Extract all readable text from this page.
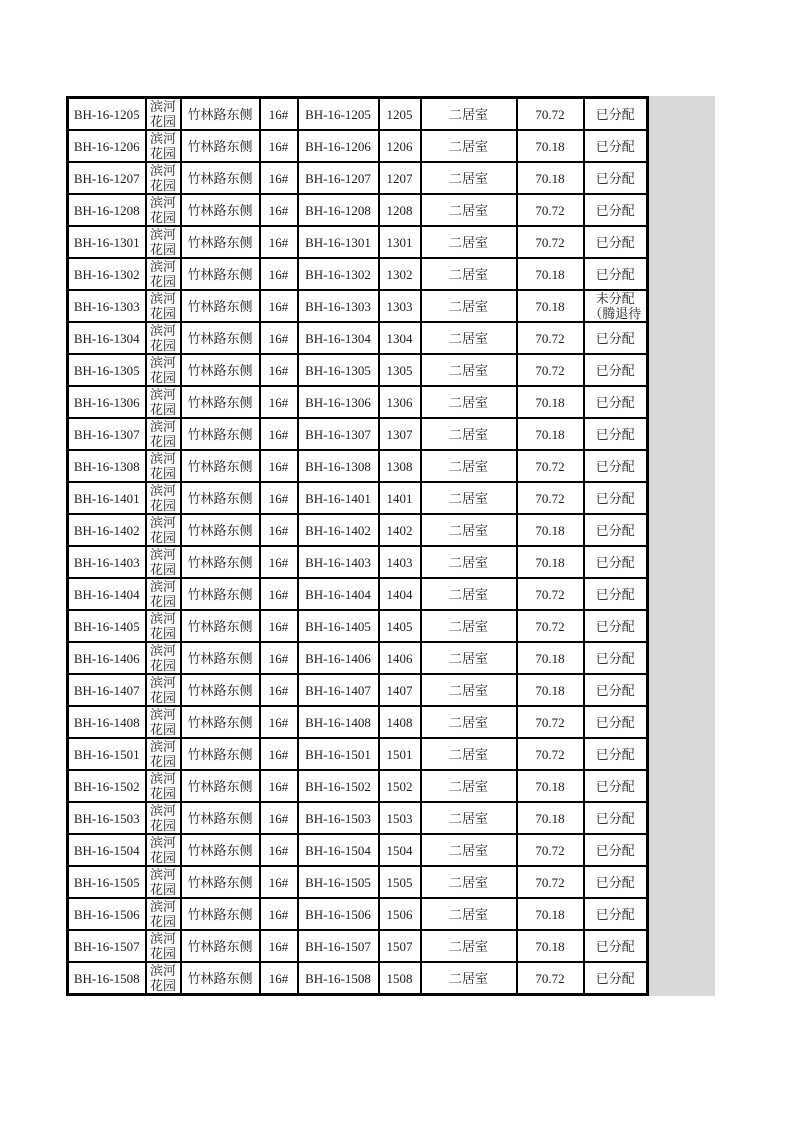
BH-16-1205	滨河花园	竹林路东侧	16#	BH-16-1205	1205	二居室	70.72	已分配

BH-16-1206	滨河花园	竹林路东侧	16#	BH-16-1206	1206	二居室	70.18	已分配

BH-16-1207	滨河花园	竹林路东侧	16#	BH-16-1207	1207	二居室	70.18	已分配

BH-16-1208	滨河花园	竹林路东侧	16#	BH-16-1208	1208	二居室	70.72	已分配

BH-16-1301	滨河花园	竹林路东侧	16#	BH-16-1301	1301	二居室	70.72	已分配

BH-16-1302	滨河花园	竹林路东侧	16#	BH-16-1302	1302	二居室	70.18	已分配

BH-16-1303	滨河花园	竹林路东侧	16#	BH-16-1303	1303	二居室	70.18	未分配
（腾退待

BH-16-1304	滨河花园	竹林路东侧	16#	BH-16-1304	1304	二居室	70.72	已分配

BH-16-1305	滨河花园	竹林路东侧	16#	BH-16-1305	1305	二居室	70.72	已分配

BH-16-1306	滨河花园	竹林路东侧	16#	BH-16-1306	1306	二居室	70.18	已分配

BH-16-1307	滨河花园	竹林路东侧	16#	BH-16-1307	1307	二居室	70.18	已分配

BH-16-1308	滨河花园	竹林路东侧	16#	BH-16-1308	1308	二居室	70.72	已分配

BH-16-1401	滨河花园	竹林路东侧	16#	BH-16-1401	1401	二居室	70.72	已分配

BH-16-1402	滨河花园	竹林路东侧	16#	BH-16-1402	1402	二居室	70.18	已分配

BH-16-1403	滨河花园	竹林路东侧	16#	BH-16-1403	1403	二居室	70.18	已分配

BH-16-1404	滨河花园	竹林路东侧	16#	BH-16-1404	1404	二居室	70.72	已分配

BH-16-1405	滨河花园	竹林路东侧	16#	BH-16-1405	1405	二居室	70.72	已分配

BH-16-1406	滨河花园	竹林路东侧	16#	BH-16-1406	1406	二居室	70.18	已分配

BH-16-1407	滨河花园	竹林路东侧	16#	BH-16-1407	1407	二居室	70.18	已分配

BH-16-1408	滨河花园	竹林路东侧	16#	BH-16-1408	1408	二居室	70.72	已分配

BH-16-1501	滨河花园	竹林路东侧	16#	BH-16-1501	1501	二居室	70.72	已分配

BH-16-1502	滨河花园	竹林路东侧	16#	BH-16-1502	1502	二居室	70.18	已分配

BH-16-1503	滨河花园	竹林路东侧	16#	BH-16-1503	1503	二居室	70.18	已分配

BH-16-1504	滨河花园	竹林路东侧	16#	BH-16-1504	1504	二居室	70.72	已分配

BH-16-1505	滨河花园	竹林路东侧	16#	BH-16-1505	1505	二居室	70.72	已分配

BH-16-1506	滨河花园	竹林路东侧	16#	BH-16-1506	1506	二居室	70.18	已分配

BH-16-1507	滨河花园	竹林路东侧	16#	BH-16-1507	1507	二居室	70.18	已分配

BH-16-1508	滨河花园	竹林路东侧	16#	BH-16-1508	1508	二居室	70.72	已分配
